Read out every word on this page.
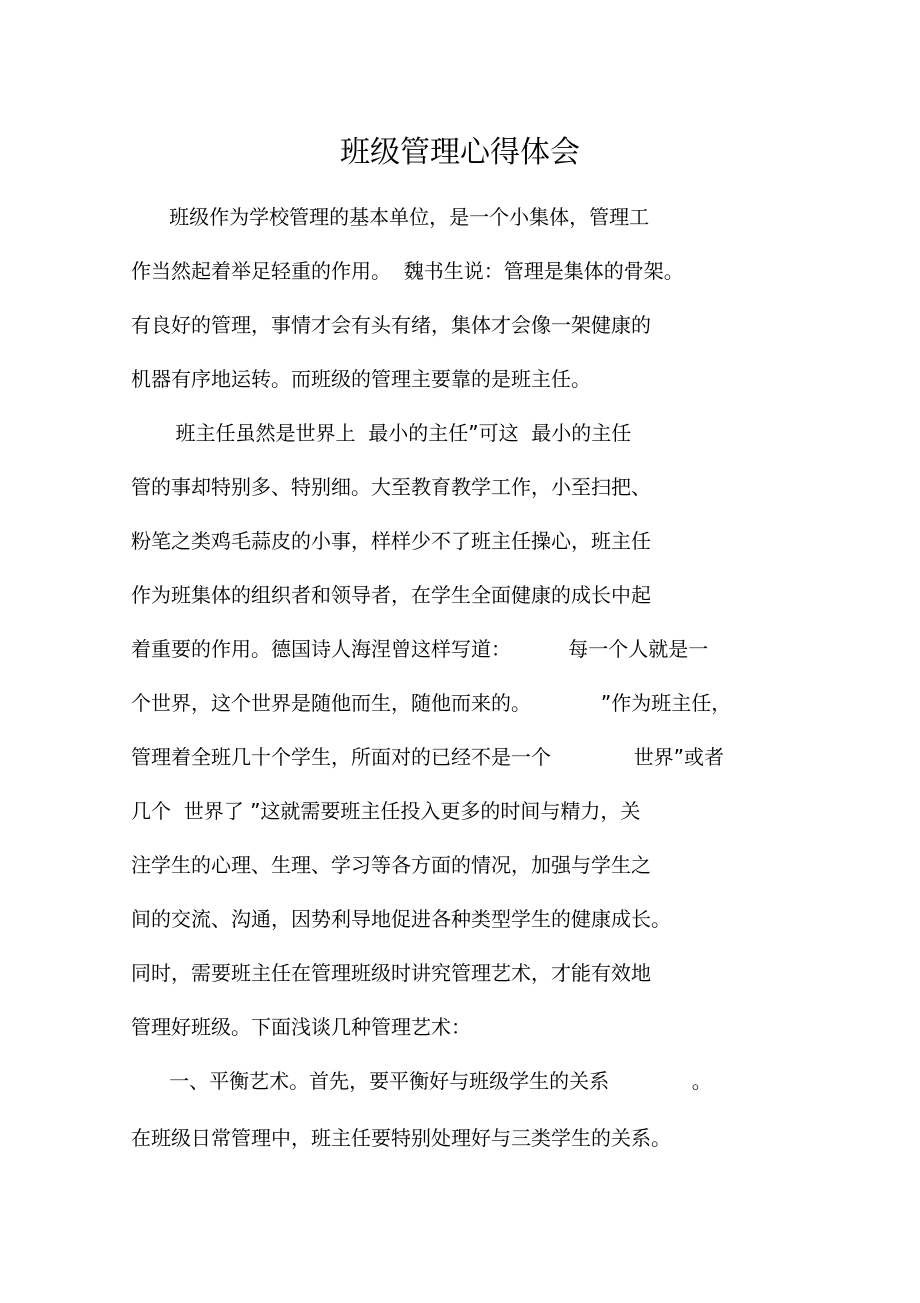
班级管理心得体会

班级作为学校管理的基本单位，是一个小集体，管理工

作当然起着举足轻重的作用。  魏书生说：管理是集体的骨架。

有良好的管理，事情才会有头有绪，集体才会像一架健康的

机器有序地运转。而班级的管理主要靠的是班主任。

班主任虽然是世界上  最小的主任”可这  最小的主任

管的事却特别多、特别细。大至教育教学工作，小至扫把、

粉笔之类鸡毛蒜皮的小事，样样少不了班主任操心，班主任

作为班集体的组织者和领导者，在学生全面健康的成长中起

着重要的作用。德国诗人海涅曾这样写道：         每一个人就是一

个世界，这个世界是随他而生，随他而来的。           ”作为班主任，

管理着全班几十个学生，所面对的已经不是一个             世界”或者

几个  世界了 ”这就需要班主任投入更多的时间与精力，关

注学生的心理、生理、学习等各方面的情况，加强与学生之

间的交流、沟通，因势利导地促进各种类型学生的健康成长。

同时，需要班主任在管理班级时讲究管理艺术，才能有效地

管理好班级。下面浅谈几种管理艺术：

一、平衡艺术。首先，要平衡好与班级学生的关系             。

在班级日常管理中，班主任要特别处理好与三类学生的关系。
